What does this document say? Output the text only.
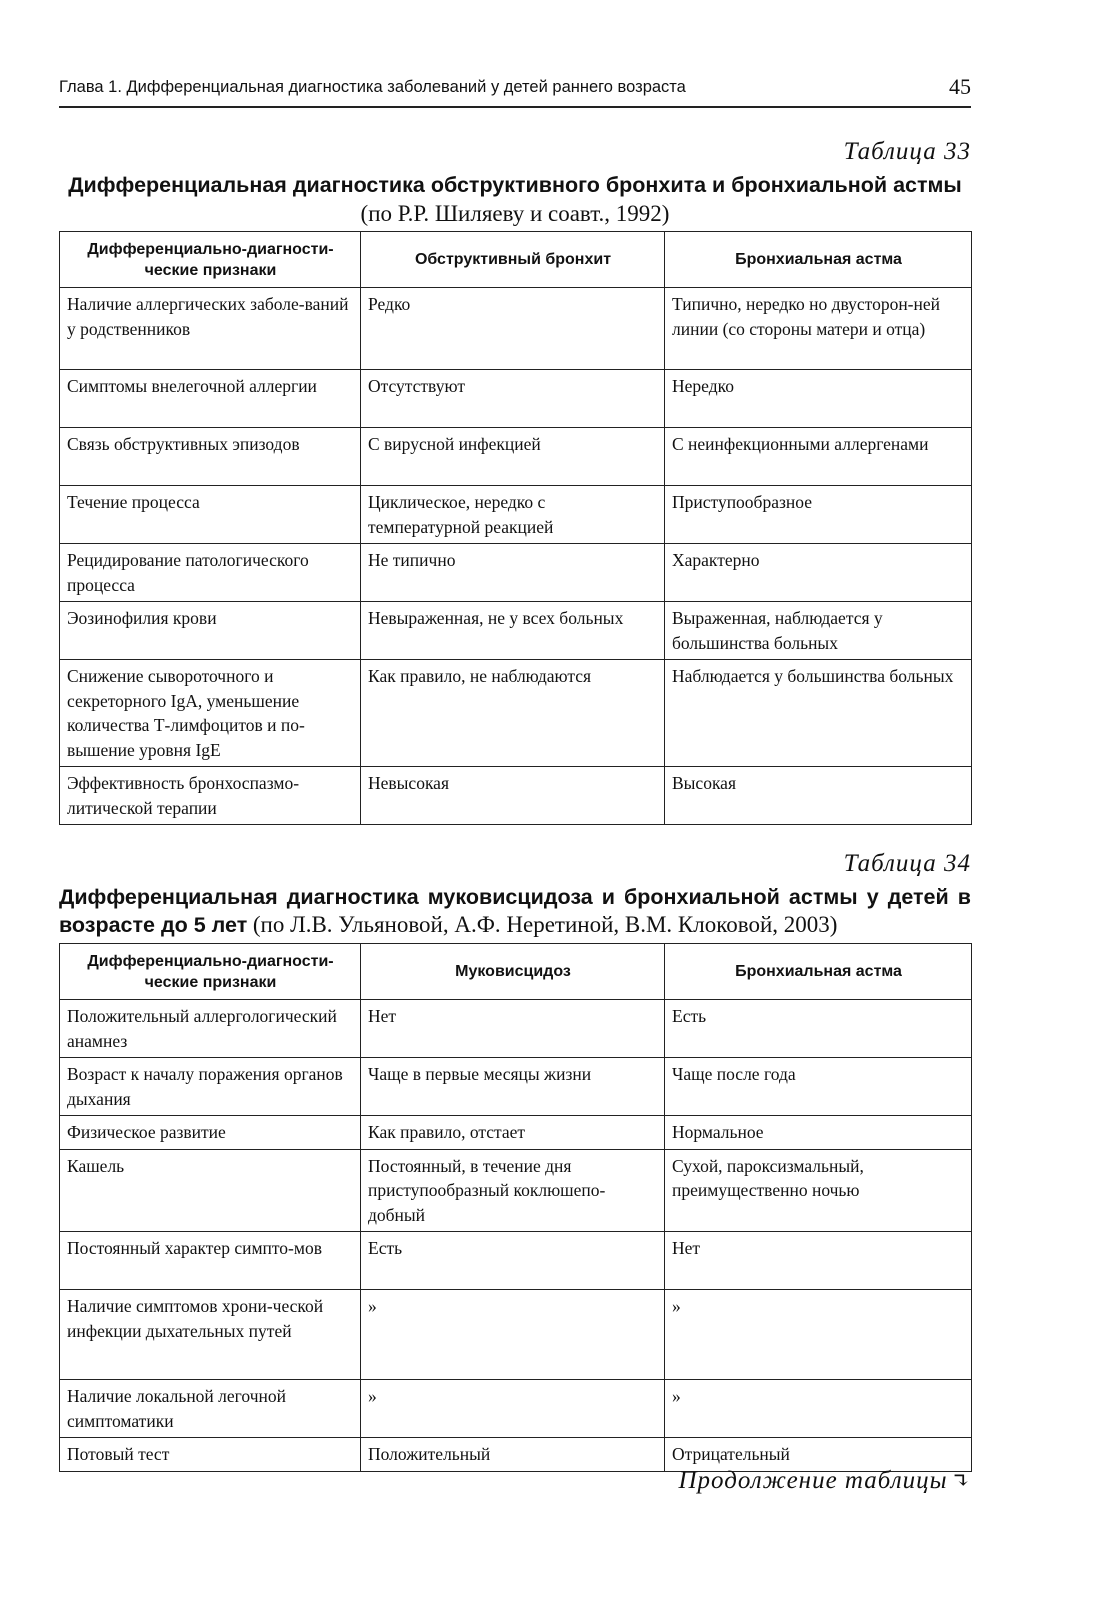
Глава 1. Дифференциальная диагностика заболеваний у детей раннего возраста	45
Таблица 33
Дифференциальная диагностика обструктивного бронхита и бронхиальной астмы
(по Р.Р. Шиляеву и соавт., 1992)
Дифференциально-диагности-ческие признаки	Обструктивный бронхит	Бронхиальная астма
Наличие аллергических заболе-ваний у родственников	Редко	Типично, нередко но двусторон-ней линии (со стороны матери и отца)
Симптомы внелегочной аллергии	Отсутствуют	Нередко
Связь обструктивных эпизодов	С вирусной инфекцией	С неинфекционными аллергенами
Течение процесса	Циклическое, нередко с температурной реакцией	Приступообразное
Рецидирование патологического процесса	Не типично	Характерно
Эозинофилия крови	Невыраженная, не у всех больных	Выраженная, наблюдается у большинства больных
Снижение сывороточного и секреторного IgA, уменьшение количества Т-лимфоцитов и по-вышение уровня IgE	Как правило, не наблюдаются	Наблюдается у большинства больных
Эффективность бронхоспазмо-литической терапии	Невысокая	Высокая
Таблица 34
Дифференциальная диагностика муковисцидоза и бронхиальной астмы у детей в возрасте до 5 лет (по Л.В. Ульяновой, А.Ф. Неретиной, В.М. Клоковой, 2003)
Дифференциально-диагности-ческие признаки	Муковисцидоз	Бронхиальная астма
Положительный аллергологический анамнез	Нет	Есть
Возраст к началу поражения органов дыхания	Чаще в первые месяцы жизни	Чаще после года
Физическое развитие	Как правило, отстает	Нормальное
Кашель	Постоянный, в течение дня приступообразный коклюшепо-добный	Сухой, пароксизмальный, преимущественно ночью
Постоянный характер симпто-мов	Есть	Нет
Наличие симптомов хрони-ческой инфекции дыхательных путей	»	»
Наличие локальной легочной симптоматики	»	»
Потовый тест	Положительный	Отрицательный
Продолжение таблицы ↴
